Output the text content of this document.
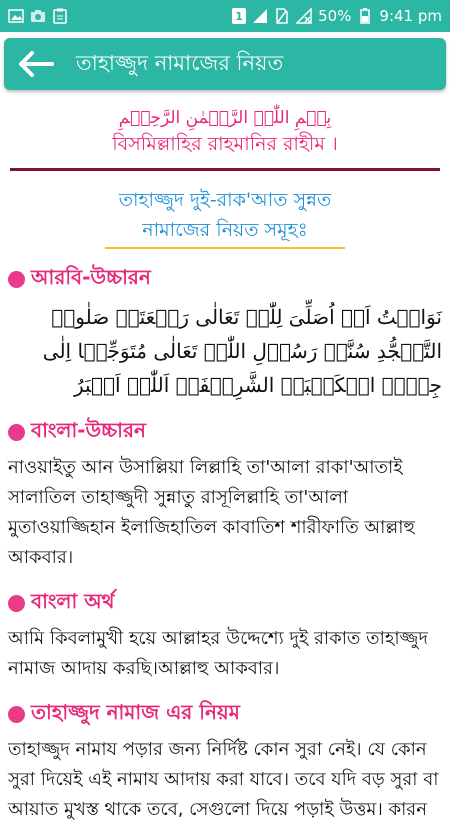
1	50% 9:41 pm
তাহাজ্জুদ নামাজের নিয়ত
بِسۡمِ اللّٰہِ الرَّحۡمٰنِ الرَّحِیۡمِ
বিসমিল্লাহির রাহমানির রাহীম ।
তাহাজ্জুদ দুই-রাক'আত সুন্নত
নামাজের নিয়ত সমূহঃ
আরবি-উচ্চারন
نَوَایۡتُ اَنۡ اُصَلِّیَ لِلّٰہِ تَعَالٰی رَکۡعَتَیۡ صَلٰوۃِ التَّہَجُّدِ سُنَّۃُ رَسُوۡلِ اللّٰہِ تَعَالٰی مُتَوَجِّہًا اِلٰی جِہَۃِ الۡکَعۡبَۃِ الشَّرِیۡفَۃِ اَللّٰہُ اَکۡبَرُ
বাংলা-উচ্চারন
নাওয়াইতু আন উসাল্লিয়া লিল্লাহি তা'আলা রাকা'আতাই সালাতিল তাহাজ্জুদী সুন্নাতু রাসূলিল্লাহি তা'আলা মুতাওয়াজ্জিহান ইলাজিহাতিল কাবাতিশ শারীফাতি আল্লাহু আকবার।
বাংলা অর্থ
আমি কিবলামুখী হয়ে আল্লাহর উদ্দেশ্যে দুই রাকাত তাহাজ্জুদ নামাজ আদায় করছি।আল্লাহু আকবার।
তাহাজ্জুদ নামাজ এর নিয়ম
তাহাজ্জুদ নামায পড়ার জন্য নির্দিষ্ট কোন সুরা নেই। যে কোন সুরা দিয়েই এই নামায আদায় করা যাবে। তবে যদি বড় সুরা বা আয়াত মুখস্ত থাকে তবে, সেগুলো দিয়ে পড়াই উত্তম। কারন
